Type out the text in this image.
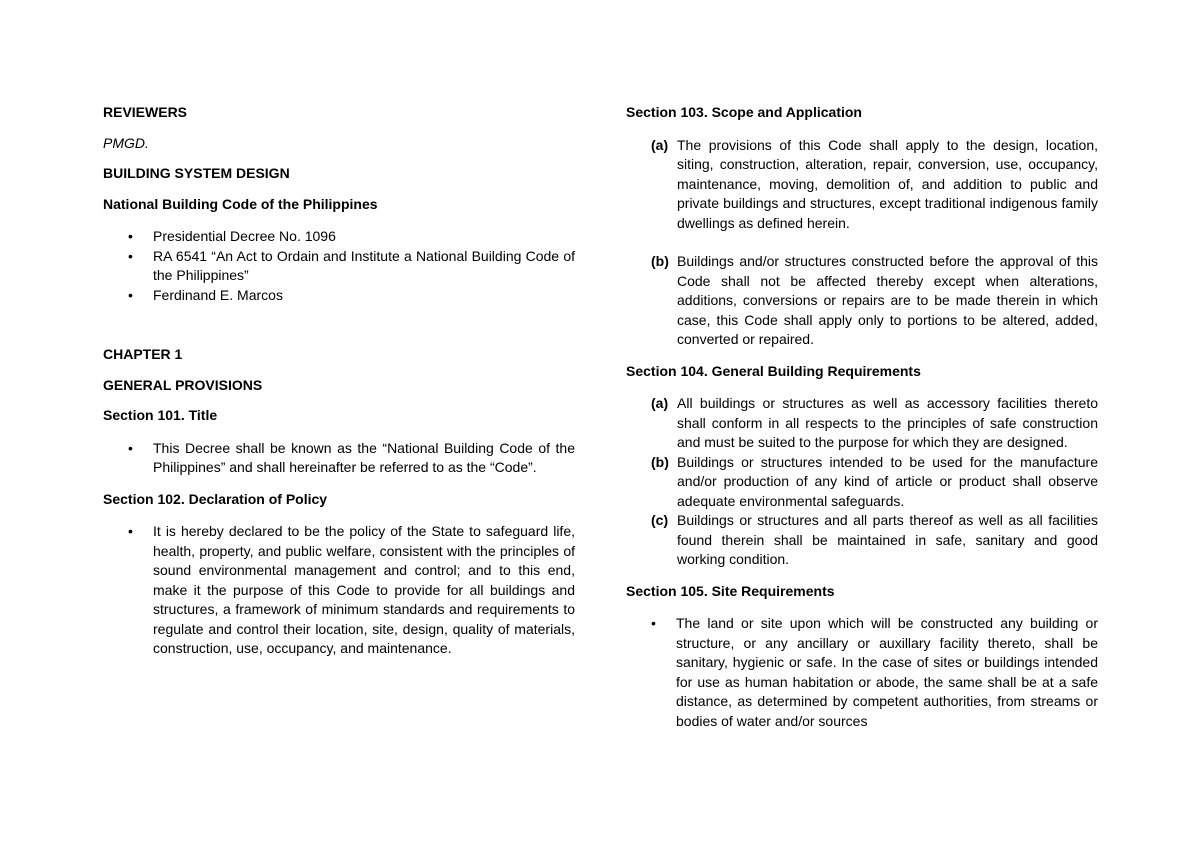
REVIEWERS

PMGD.

BUILDING SYSTEM DESIGN

National Building Code of the Philippines

• Presidential Decree No. 1096
• RA 6541 “An Act to Ordain and Institute a National Building Code of the Philippines”
• Ferdinand E. Marcos

CHAPTER 1

GENERAL PROVISIONS

Section 101. Title

• This Decree shall be known as the “National Building Code of the Philippines” and shall hereinafter be referred to as the “Code”.

Section 102. Declaration of Policy

• It is hereby declared to be the policy of the State to safeguard life, health, property, and public welfare, consistent with the principles of sound environmental management and control; and to this end, make it the purpose of this Code to provide for all buildings and structures, a framework of minimum standards and requirements to regulate and control their location, site, design, quality of materials, construction, use, occupancy, and maintenance.

Section 103. Scope and Application

(a) The provisions of this Code shall apply to the design, location, siting, construction, alteration, repair, conversion, use, occupancy, maintenance, moving, demolition of, and addition to public and private buildings and structures, except traditional indigenous family dwellings as defined herein.
(b) Buildings and/or structures constructed before the approval of this Code shall not be affected thereby except when alterations, additions, conversions or repairs are to be made therein in which case, this Code shall apply only to portions to be altered, added, converted or repaired.

Section 104. General Building Requirements

(a) All buildings or structures as well as accessory facilities thereto shall conform in all respects to the principles of safe construction and must be suited to the purpose for which they are designed.
(b) Buildings or structures intended to be used for the manufacture and/or production of any kind of article or product shall observe adequate environmental safeguards.
(c) Buildings or structures and all parts thereof as well as all facilities found therein shall be maintained in safe, sanitary and good working condition.

Section 105. Site Requirements

• The land or site upon which will be constructed any building or structure, or any ancillary or auxillary facility thereto, shall be sanitary, hygienic or safe. In the case of sites or buildings intended for use as human habitation or abode, the same shall be at a safe distance, as determined by competent authorities, from streams or bodies of water and/or sources
